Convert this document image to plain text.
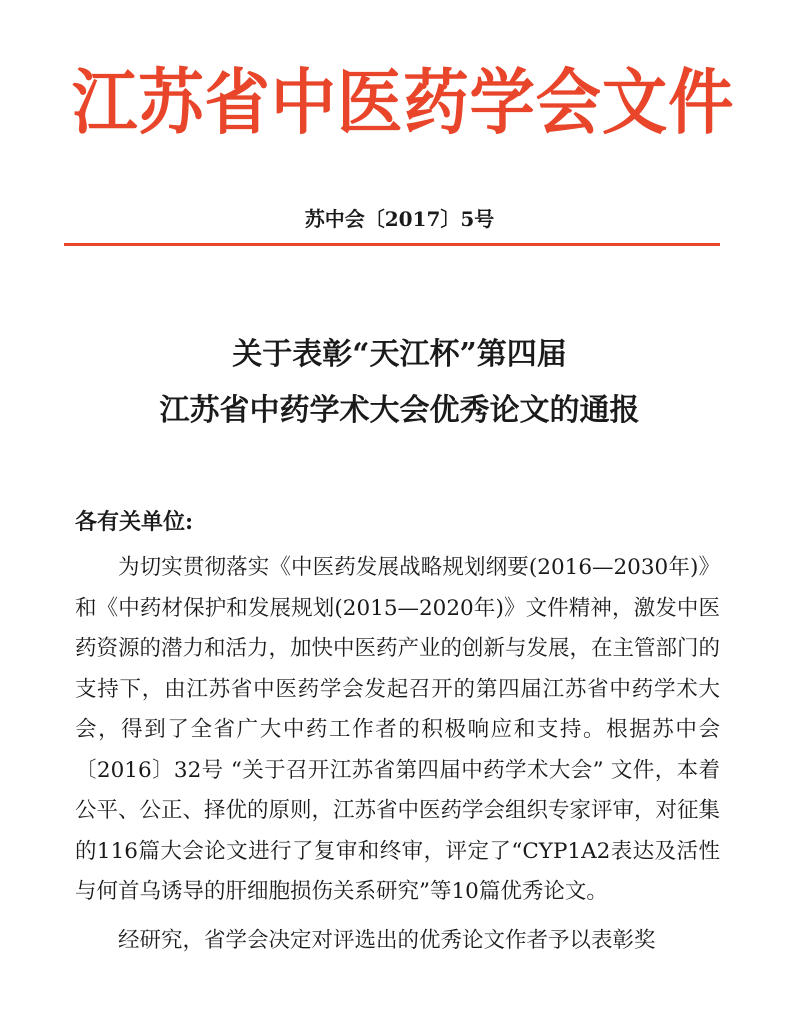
江苏省中医药学会文件
苏中会〔2017〕5号
关于表彰“天江杯”第四届
江苏省中药学术大会优秀论文的通报
各有关单位:

为切实贯彻落实《中医药发展战略规划纲要(2016—2030年)》和《中药材保护和发展规划(2015—2020年)》文件精神，激发中医药资源的潜力和活力，加快中医药产业的创新与发展，在主管部门的支持下，由江苏省中医药学会发起召开的第四届江苏省中药学术大会，得到了全省广大中药工作者的积极响应和支持。根据苏中会〔2016〕32号 “关于召开江苏省第四届中药学术大会” 文件，本着公平、公正、择优的原则，江苏省中医药学会组织专家评审，对征集的116篇大会论文进行了复审和终审，评定了“CYP1A2表达及活性与何首乌诱导的肝细胞损伤关系研究”等10篇优秀论文。

经研究，省学会决定对评选出的优秀论文作者予以表彰奖
